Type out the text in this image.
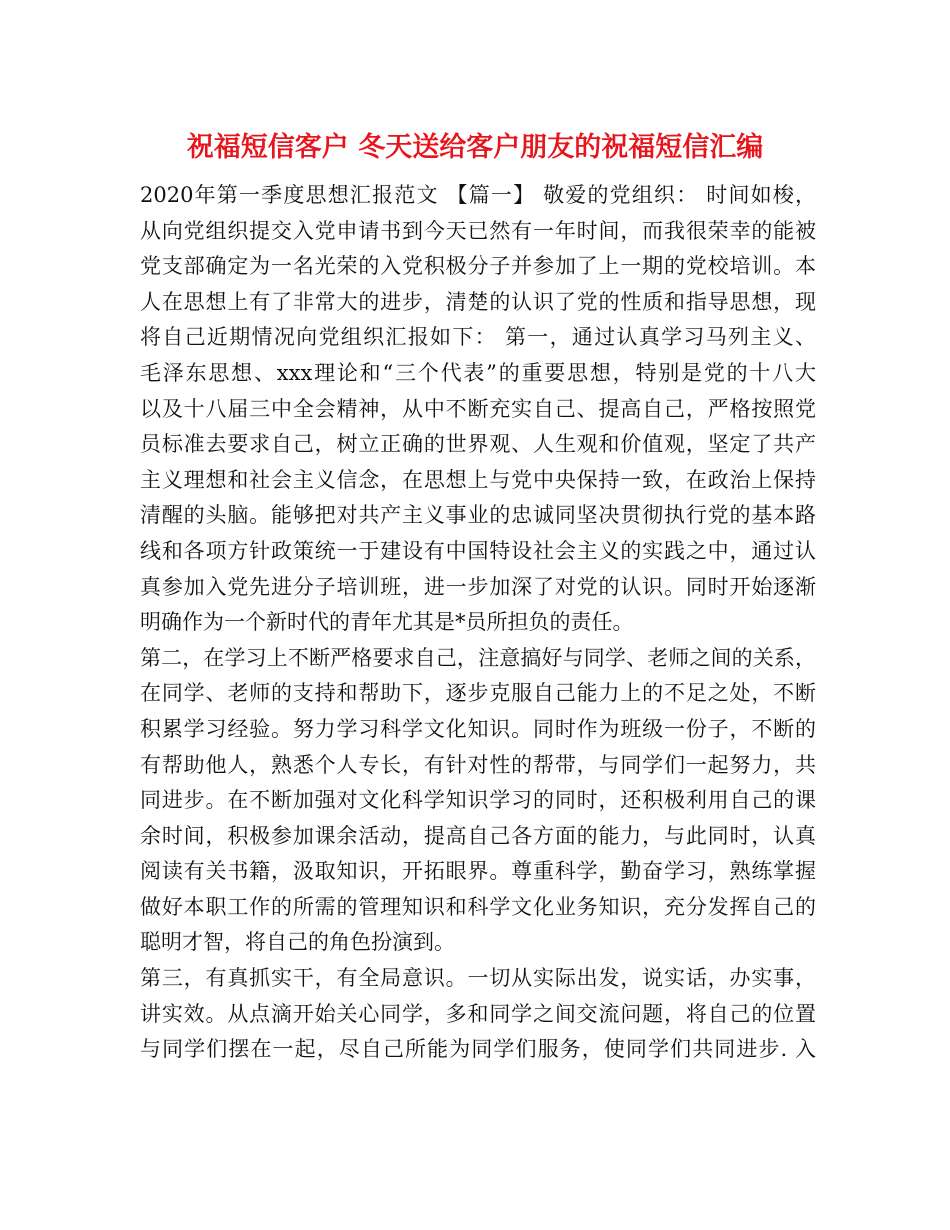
祝福短信客户 冬天送给客户朋友的祝福短信汇编
2020年第一季度思想汇报范文 【篇一】 敬爱的党组织： 时间如梭，
从向党组织提交入党申请书到今天已然有一年时间，而我很荣幸的能被
党支部确定为一名光荣的入党积极分子并参加了上一期的党校培训。本
人在思想上有了非常大的进步，清楚的认识了党的性质和指导思想，现
将自己近期情况向党组织汇报如下： 第一，通过认真学习马列主义、
毛泽东思想、xxx理论和“三个代表”的重要思想，特别是党的十八大
以及十八届三中全会精神，从中不断充实自己、提高自己，严格按照党
员标准去要求自己，树立正确的世界观、人生观和价值观，坚定了共产
主义理想和社会主义信念，在思想上与党中央保持一致，在政治上保持
清醒的头脑。能够把对共产主义事业的忠诚同坚决贯彻执行党的基本路
线和各项方针政策统一于建设有中国特设社会主义的实践之中，通过认
真参加入党先进分子培训班，进一步加深了对党的认识。同时开始逐渐
明确作为一个新时代的青年尤其是*员所担负的责任。
第二，在学习上不断严格要求自己，注意搞好与同学、老师之间的关系，
在同学、老师的支持和帮助下，逐步克服自己能力上的不足之处，不断
积累学习经验。努力学习科学文化知识。同时作为班级一份子，不断的
有帮助他人，熟悉个人专长，有针对性的帮带，与同学们一起努力，共
同进步。在不断加强对文化科学知识学习的同时，还积极利用自己的课
余时间，积极参加课余活动，提高自己各方面的能力，与此同时，认真
阅读有关书籍，汲取知识，开拓眼界。尊重科学，勤奋学习，熟练掌握
做好本职工作的所需的管理知识和科学文化业务知识，充分发挥自己的
聪明才智，将自己的角色扮演到。
第三，有真抓实干，有全局意识。一切从实际出发，说实话，办实事，
讲实效。从点滴开始关心同学，多和同学之间交流问题，将自己的位置
与同学们摆在一起，尽自己所能为同学们服务，使同学们共同进步. 入
